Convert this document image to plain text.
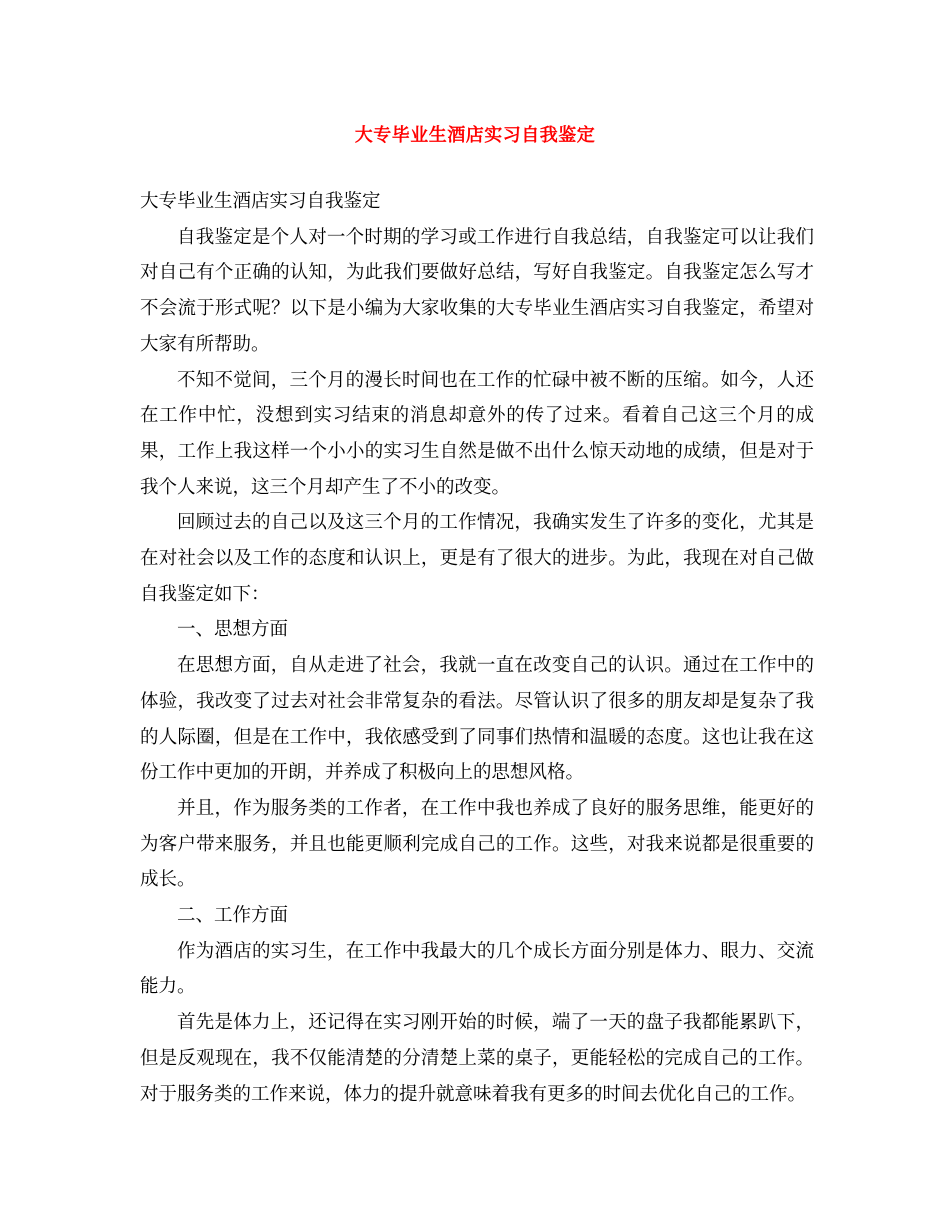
大专毕业生酒店实习自我鉴定

大专毕业生酒店实习自我鉴定

自我鉴定是个人对一个时期的学习或工作进行自我总结，自我鉴定可以让我们对自己有个正确的认知，为此我们要做好总结，写好自我鉴定。自我鉴定怎么写才不会流于形式呢？以下是小编为大家收集的大专毕业生酒店实习自我鉴定，希望对大家有所帮助。

不知不觉间，三个月的漫长时间也在工作的忙碌中被不断的压缩。如今，人还在工作中忙，没想到实习结束的消息却意外的传了过来。看着自己这三个月的成果，工作上我这样一个小小的实习生自然是做不出什么惊天动地的成绩，但是对于我个人来说，这三个月却产生了不小的改变。

回顾过去的自己以及这三个月的工作情况，我确实发生了许多的变化，尤其是在对社会以及工作的态度和认识上，更是有了很大的进步。为此，我现在对自己做自我鉴定如下：

一、思想方面

在思想方面，自从走进了社会，我就一直在改变自己的认识。通过在工作中的体验，我改变了过去对社会非常复杂的看法。尽管认识了很多的朋友却是复杂了我的人际圈，但是在工作中，我依感受到了同事们热情和温暖的态度。这也让我在这份工作中更加的开朗，并养成了积极向上的思想风格。

并且，作为服务类的工作者，在工作中我也养成了良好的服务思维，能更好的为客户带来服务，并且也能更顺利完成自己的工作。这些，对我来说都是很重要的成长。

二、工作方面

作为酒店的实习生，在工作中我最大的几个成长方面分别是体力、眼力、交流能力。

首先是体力上，还记得在实习刚开始的时候，端了一天的盘子我都能累趴下，但是反观现在，我不仅能清楚的分清楚上菜的桌子，更能轻松的完成自己的工作。对于服务类的工作来说，体力的提升就意味着我有更多的时间去优化自己的工作。
